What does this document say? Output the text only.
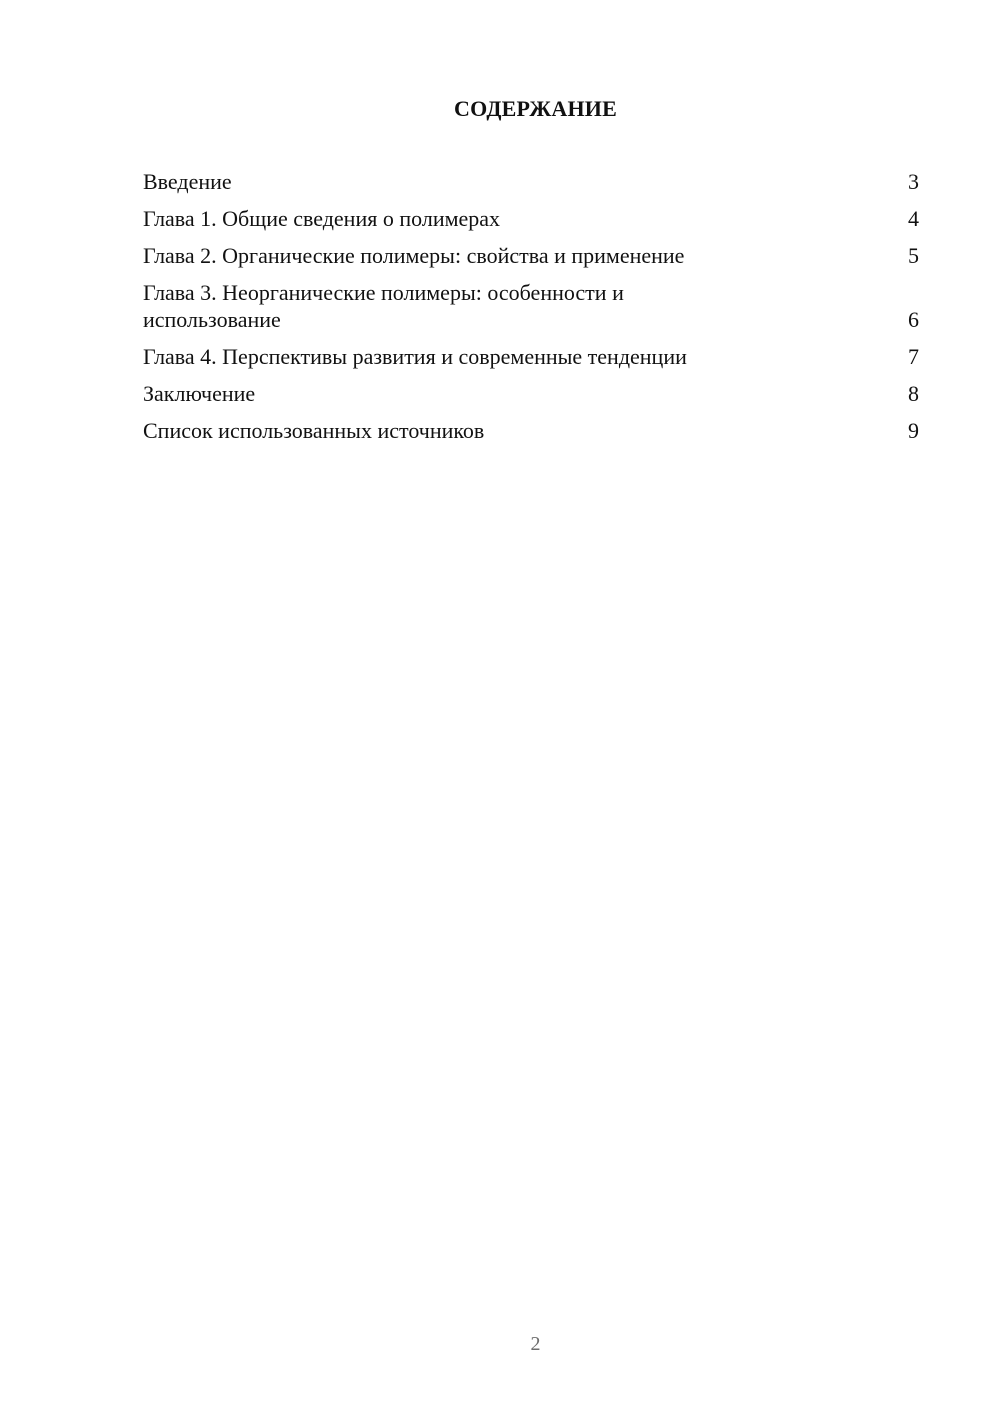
СОДЕРЖАНИЕ
Введение	3
Глава 1. Общие сведения о полимерах	4
Глава 2. Органические полимеры: свойства и применение	5
Глава 3. Неорганические полимеры: особенности и использование	6
Глава 4. Перспективы развития и современные тенденции	7
Заключение	8
Список использованных источников	9
2
